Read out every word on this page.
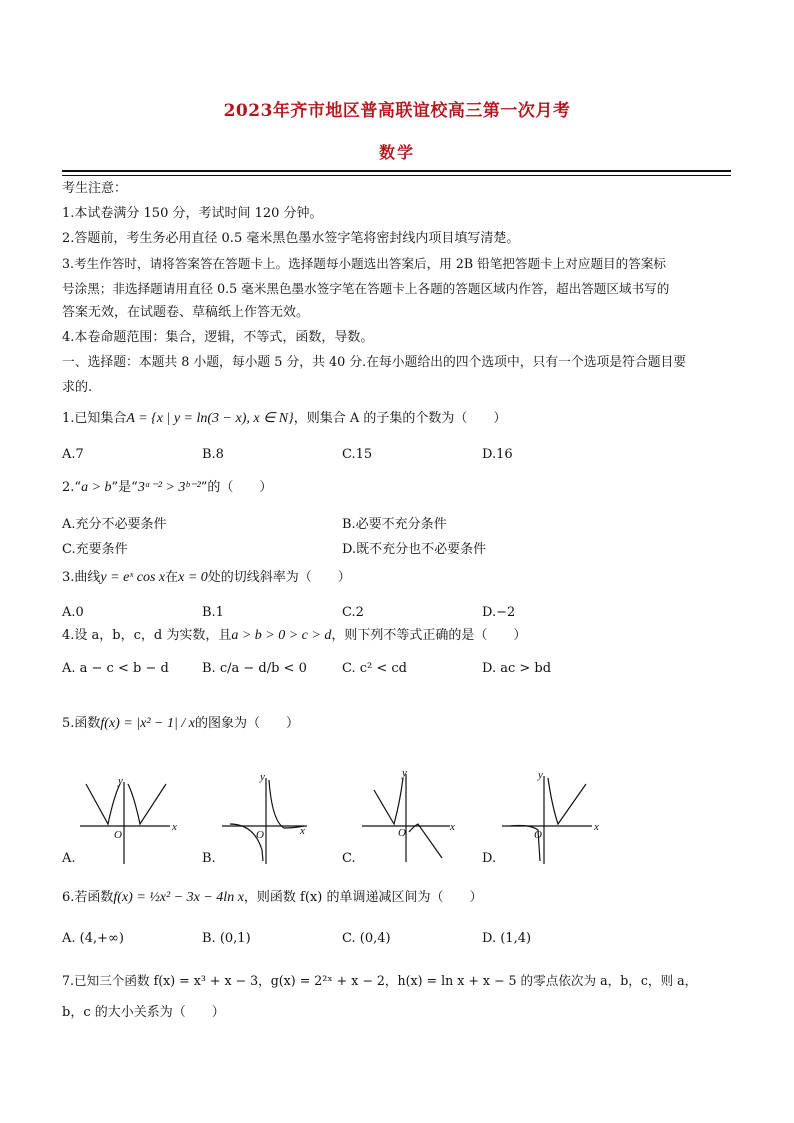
2023年齐市地区普高联谊校高三第一次月考
数学
考生注意：
1.本试卷满分 150 分，考试时间 120 分钟。
2.答题前，考生务必用直径 0.5 毫米黑色墨水签字笔将密封线内项目填写清楚。
3.考生作答时，请将答案答在答题卡上。选择题每小题选出答案后，用 2B 铅笔把答题卡上对应题目的答案标
号涂黑；非选择题请用直径 0.5 毫米黑色墨水签字笔在答题卡上各题的答题区域内作答，超出答题区域书写的
答案无效，在试题卷、草稿纸上作答无效。
4.本卷命题范围：集合，逻辑，不等式，函数，导数。
一、选择题：本题共 8 小题，每小题 5 分，共 40 分.在每小题给出的四个选项中，只有一个选项是符合题目要
求的.
1.已知集合A = {x | y = ln(3 − x), x ∈ N}，则集合 A 的子集的个数为（　　）
A.7	B.8	C.15	D.16
2.“a > b”是“3ᵃ⁻² > 3ᵇ⁻²”的（　　）
A.充分不必要条件	B.必要不充分条件
C.充要条件	D.既不充分也不必要条件
3.曲线y = eˣ cos x在x = 0处的切线斜率为（　　）
A.0	B.1	C.2	D.−2
4.设 a，b，c，d 为实数，且a > b > 0 > c > d，则下列不等式正确的是（　　）
A. a − c < b − d	B. c/a − d/b < 0	C. c² < cd	D. ac > bd
5.函数f(x) = |x² − 1| / x的图象为（　　）
y
x
O
y
x
O
y
x
O
y
x
O
A.	B.	C.	D.
6.若函数f(x) = ½x² − 3x − 4ln x，则函数 f(x) 的单调递减区间为（　　）
A. (4,+∞)	B. (0,1)	C. (0,4)	D. (1,4)
7.已知三个函数 f(x) = x³ + x − 3，g(x) = 2²ˣ + x − 2，h(x) = ln x + x − 5 的零点依次为 a，b，c，则 a，
b，c 的大小关系为（　　）
